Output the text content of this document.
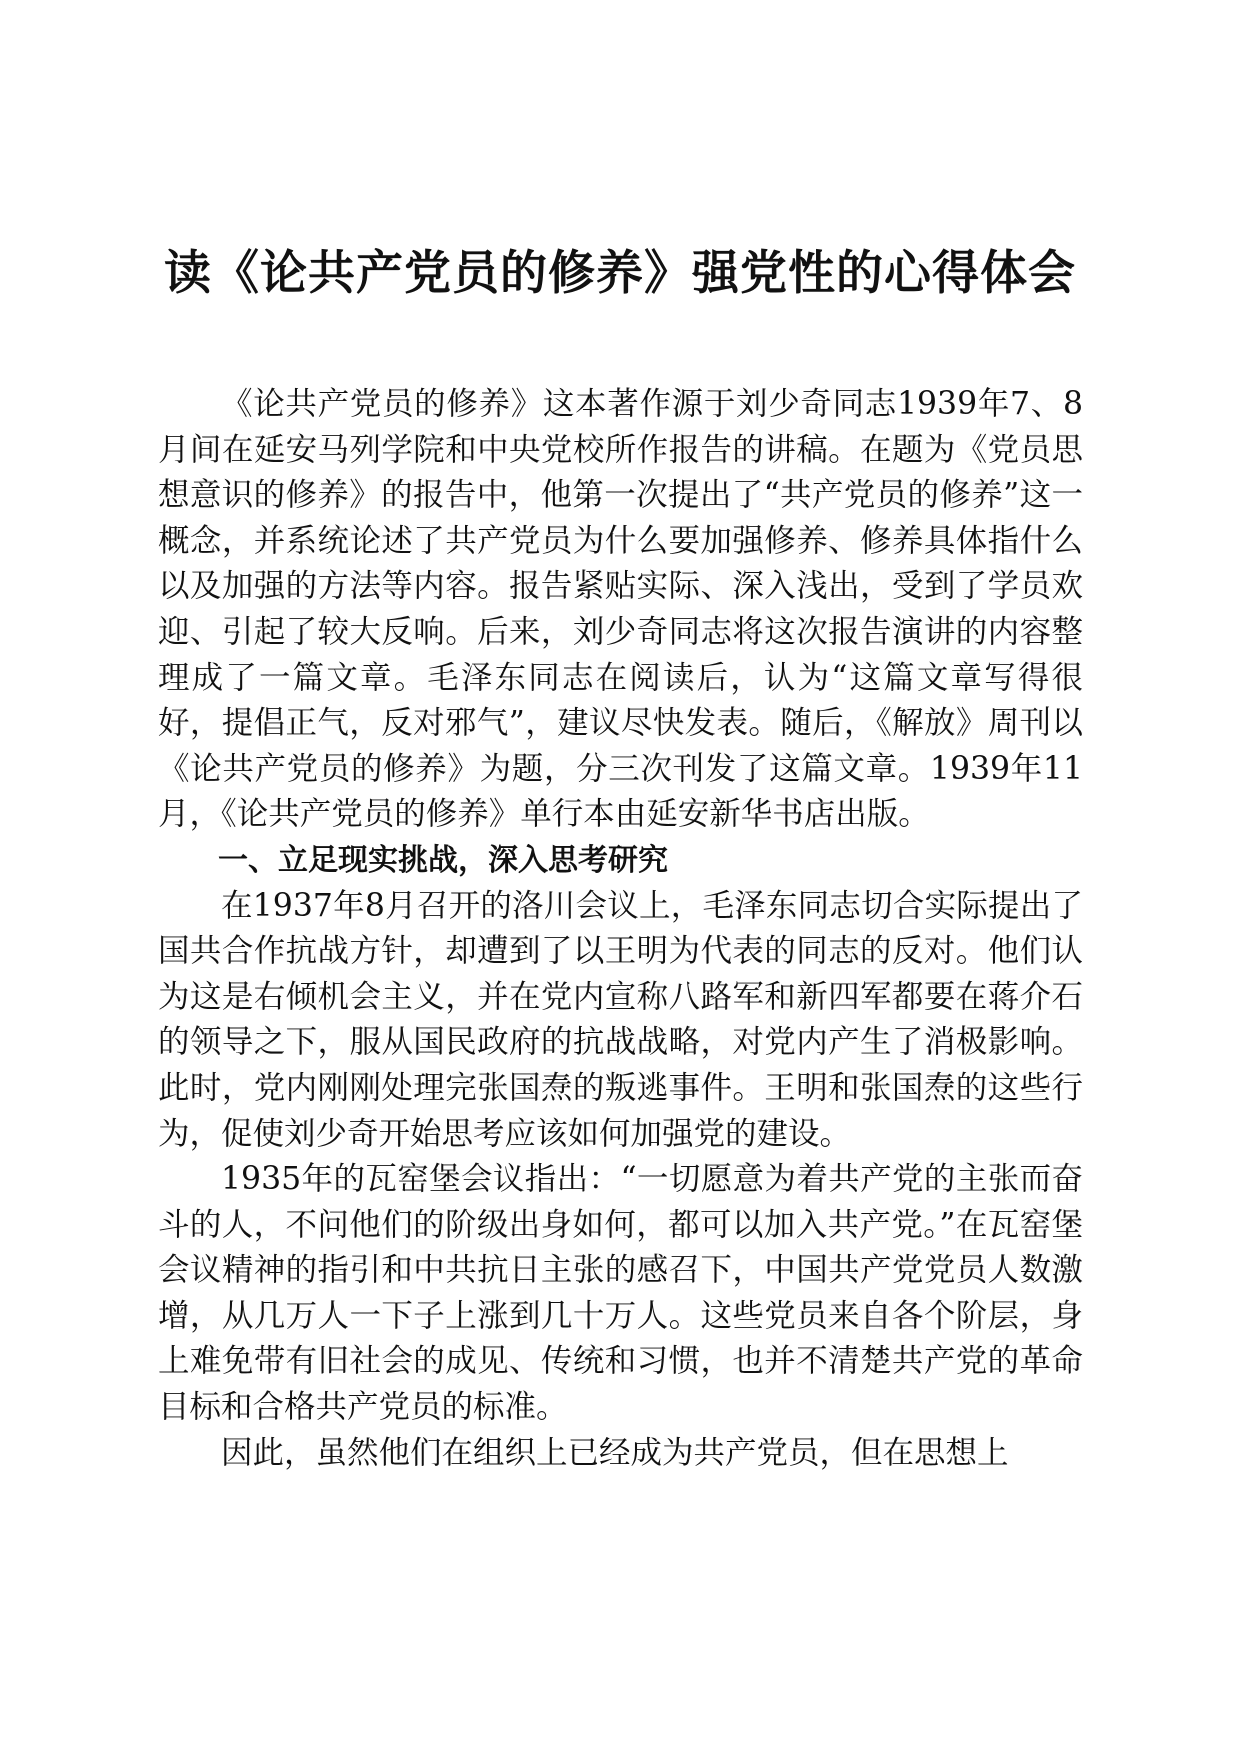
读《论共产党员的修养》强党性的心得体会

《论共产党员的修养》这本著作源于刘少奇同志1939年7、8月间在延安马列学院和中央党校所作报告的讲稿。在题为《党员思想意识的修养》的报告中，他第一次提出了“共产党员的修养”这一概念，并系统论述了共产党员为什么要加强修养、修养具体指什么以及加强的方法等内容。报告紧贴实际、深入浅出，受到了学员欢迎、引起了较大反响。后来，刘少奇同志将这次报告演讲的内容整理成了一篇文章。毛泽东同志在阅读后，认为“这篇文章写得很好，提倡正气，反对邪气”，建议尽快发表。随后，《解放》周刊以《论共产党员的修养》为题，分三次刊发了这篇文章。1939年11月，《论共产党员的修养》单行本由延安新华书店出版。

一、立足现实挑战，深入思考研究

在1937年8月召开的洛川会议上，毛泽东同志切合实际提出了国共合作抗战方针，却遭到了以王明为代表的同志的反对。他们认为这是右倾机会主义，并在党内宣称八路军和新四军都要在蒋介石的领导之下，服从国民政府的抗战战略，对党内产生了消极影响。此时，党内刚刚处理完张国焘的叛逃事件。王明和张国焘的这些行为，促使刘少奇开始思考应该如何加强党的建设。

1935年的瓦窑堡会议指出：“一切愿意为着共产党的主张而奋斗的人，不问他们的阶级出身如何，都可以加入共产党。”在瓦窑堡会议精神的指引和中共抗日主张的感召下，中国共产党党员人数激增，从几万人一下子上涨到几十万人。这些党员来自各个阶层，身上难免带有旧社会的成见、传统和习惯，也并不清楚共产党的革命目标和合格共产党员的标准。

因此，虽然他们在组织上已经成为共产党员，但在思想上
